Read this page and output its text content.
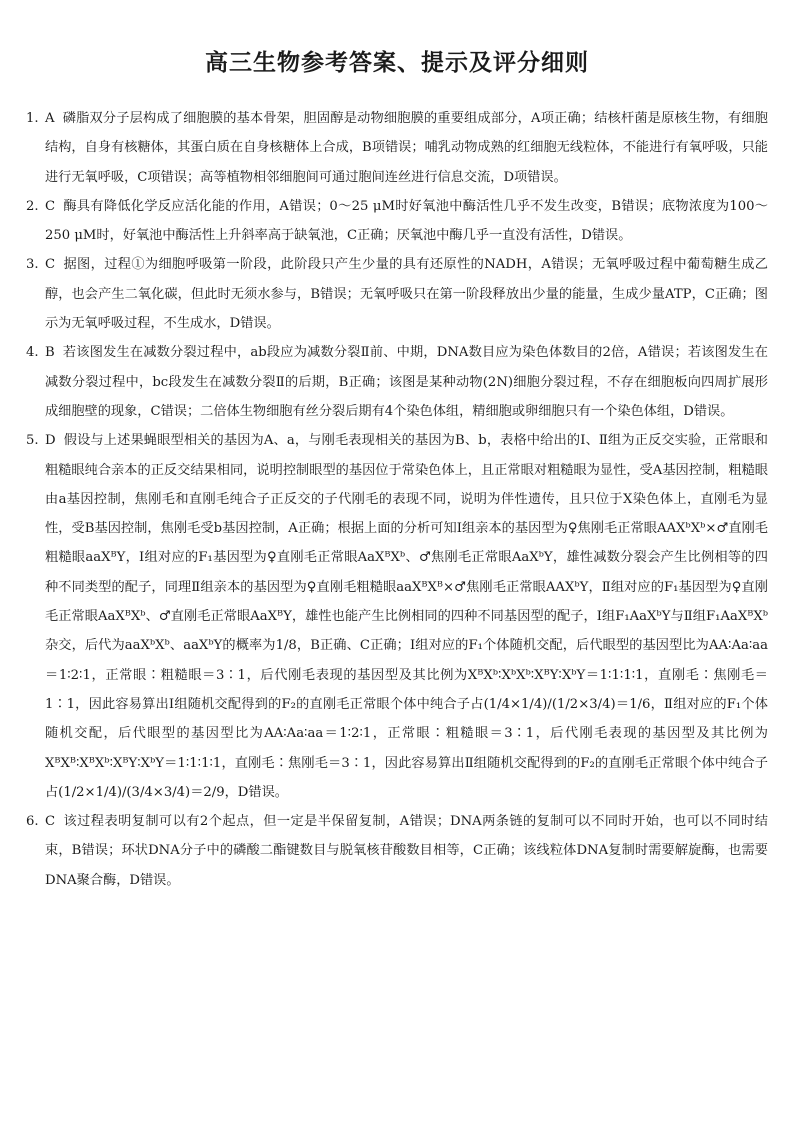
高三生物参考答案、提示及评分细则
1. A 磷脂双分子层构成了细胞膜的基本骨架，胆固醇是动物细胞膜的重要组成部分，A项正确；结核杆菌是原核生物，有细胞结构，自身有核糖体，其蛋白质在自身核糖体上合成，B项错误；哺乳动物成熟的红细胞无线粒体，不能进行有氧呼吸，只能进行无氧呼吸，C项错误；高等植物相邻细胞间可通过胞间连丝进行信息交流，D项错误。
2. C 酶具有降低化学反应活化能的作用，A错误；0～25 μM时好氧池中酶活性几乎不发生改变，B错误；底物浓度为100～250 μM时，好氧池中酶活性上升斜率高于缺氧池，C正确；厌氧池中酶几乎一直没有活性，D错误。
3. C 据图，过程①为细胞呼吸第一阶段，此阶段只产生少量的具有还原性的NADH，A错误；无氧呼吸过程中葡萄糖生成乙醇，也会产生二氧化碳，但此时无须水参与，B错误；无氧呼吸只在第一阶段释放出少量的能量，生成少量ATP，C正确；图示为无氧呼吸过程，不生成水，D错误。
4. B 若该图发生在减数分裂过程中，ab段应为减数分裂Ⅱ前、中期，DNA数目应为染色体数目的2倍，A错误；若该图发生在减数分裂过程中，bc段发生在减数分裂Ⅱ的后期，B正确；该图是某种动物(2N)细胞分裂过程，不存在细胞板向四周扩展形成细胞壁的现象，C错误；二倍体生物细胞有丝分裂后期有4个染色体组，精细胞或卵细胞只有一个染色体组，D错误。
5. D 假设与上述果蝇眼型相关的基因为A、a，与刚毛表现相关的基因为B、b，表格中给出的Ⅰ、Ⅱ组为正反交实验，正常眼和粗糙眼纯合亲本的正反交结果相同，说明控制眼型的基因位于常染色体上，且正常眼对粗糙眼为显性，受A基因控制，粗糙眼由a基因控制，焦刚毛和直刚毛纯合子正反交的子代刚毛的表现不同，说明为伴性遗传，且只位于X染色体上，直刚毛为显性，受B基因控制，焦刚毛受b基因控制，A正确；根据上面的分析可知Ⅰ组亲本的基因型为♀焦刚毛正常眼AAXᵇXᵇ×♂直刚毛粗糙眼aaXᴮY，Ⅰ组对应的F₁基因型为♀直刚毛正常眼AaXᴮXᵇ、♂焦刚毛正常眼AaXᵇY，雄性减数分裂会产生比例相等的四种不同类型的配子，同理Ⅱ组亲本的基因型为♀直刚毛粗糙眼aaXᴮXᴮ×♂焦刚毛正常眼AAXᵇY，Ⅱ组对应的F₁基因型为♀直刚毛正常眼AaXᴮXᵇ、♂直刚毛正常眼AaXᴮY，雄性也能产生比例相同的四种不同基因型的配子，Ⅰ组F₁AaXᵇY与Ⅱ组F₁AaXᴮXᵇ杂交，后代为aaXᵇXᵇ、aaXᵇY的概率为1/8，B正确、C正确；Ⅰ组对应的F₁个体随机交配，后代眼型的基因型比为AA∶Aa∶aa＝1∶2∶1，正常眼∶粗糙眼＝3∶1，后代刚毛表现的基因型及其比例为XᴮXᵇ∶XᵇXᵇ∶XᴮY∶XᵇY＝1∶1∶1∶1，直刚毛∶焦刚毛＝1∶1，因此容易算出Ⅰ组随机交配得到的F₂的直刚毛正常眼个体中纯合子占(1/4×1/4)/(1/2×3/4)＝1/6，Ⅱ组对应的F₁个体随机交配，后代眼型的基因型比为AA∶Aa∶aa＝1∶2∶1，正常眼∶粗糙眼＝3∶1，后代刚毛表现的基因型及其比例为XᴮXᴮ∶XᴮXᵇ∶XᴮY∶XᵇY＝1∶1∶1∶1，直刚毛∶焦刚毛＝3∶1，因此容易算出Ⅱ组随机交配得到的F₂的直刚毛正常眼个体中纯合子占(1/2×1/4)/(3/4×3/4)＝2/9，D错误。
6. C 该过程表明复制可以有2个起点，但一定是半保留复制，A错误；DNA两条链的复制可以不同时开始，也可以不同时结束，B错误；环状DNA分子中的磷酸二酯键数目与脱氧核苷酸数目相等，C正确；该线粒体DNA复制时需要解旋酶，也需要DNA聚合酶，D错误。
